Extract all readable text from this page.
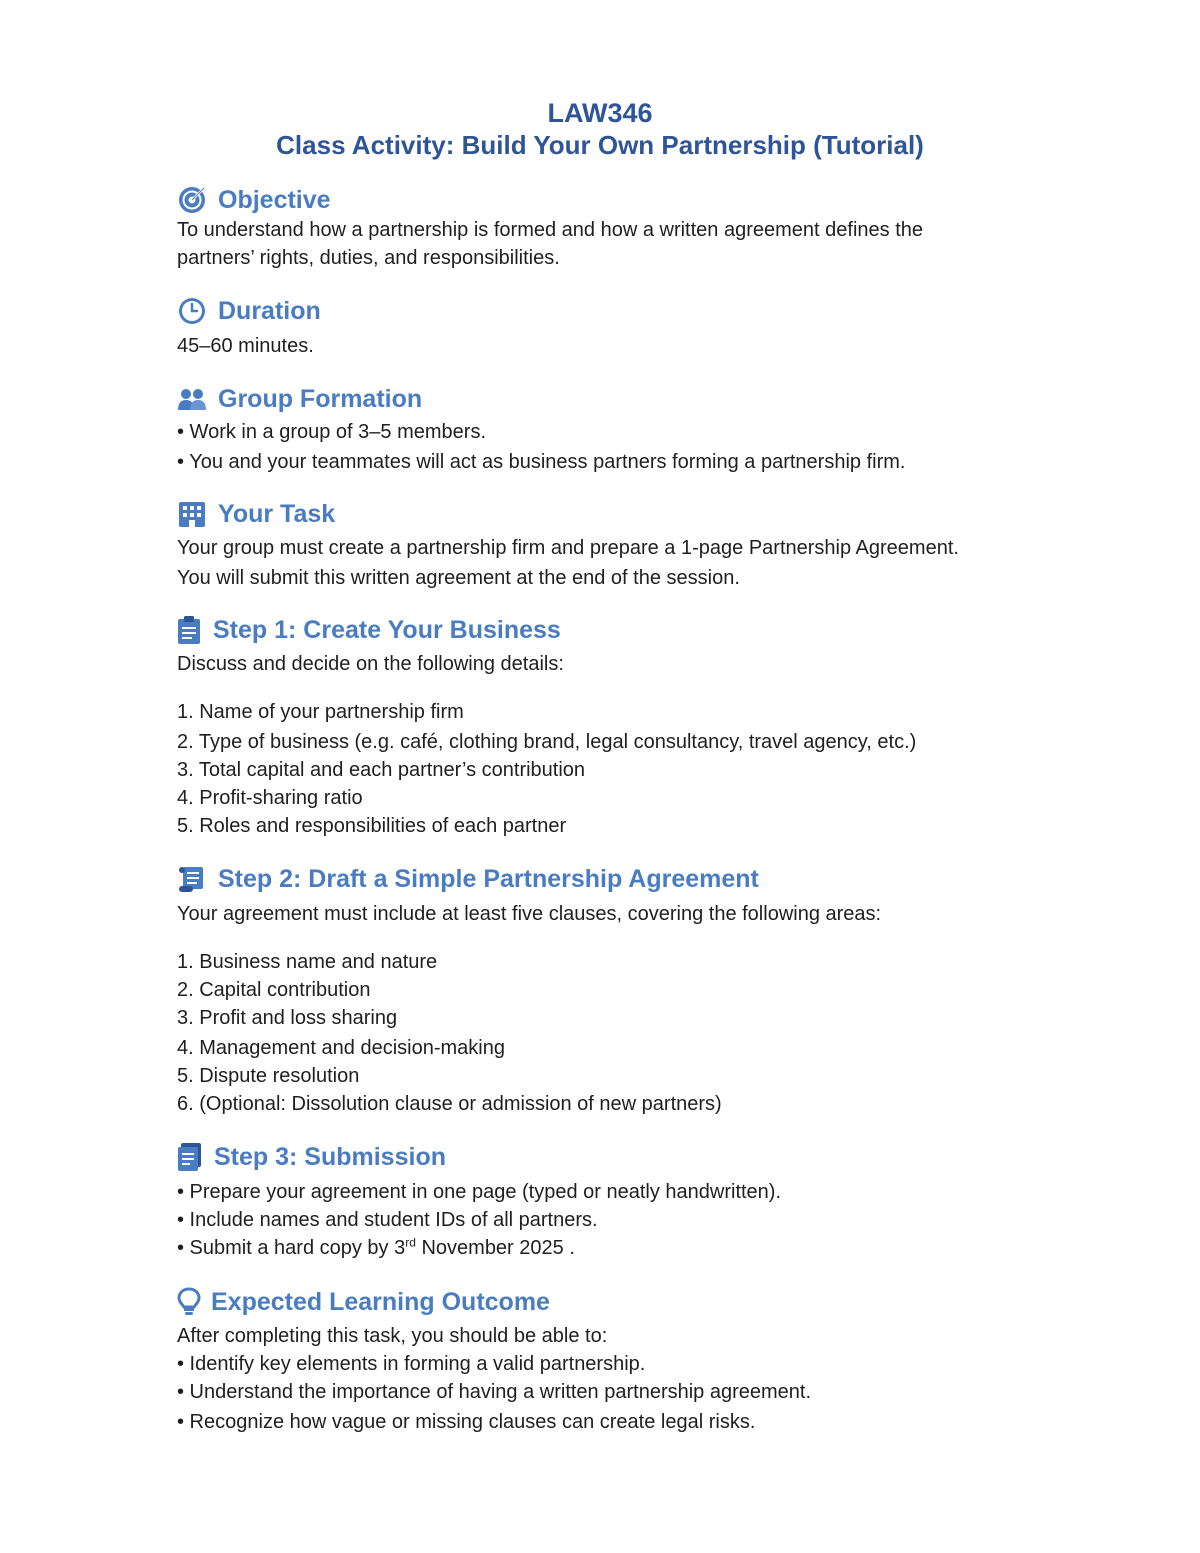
LAW346
Class Activity: Build Your Own Partnership (Tutorial)
Objective
To understand how a partnership is formed and how a written agreement defines the
partners’ rights, duties, and responsibilities.
Duration
45–60 minutes.
Group Formation
• Work in a group of 3–5 members.
• You and your teammates will act as business partners forming a partnership firm.
Your Task
Your group must create a partnership firm and prepare a 1-page Partnership Agreement.
You will submit this written agreement at the end of the session.
Step 1: Create Your Business
Discuss and decide on the following details:
1. Name of your partnership firm
2. Type of business (e.g. café, clothing brand, legal consultancy, travel agency, etc.)
3. Total capital and each partner’s contribution
4. Profit-sharing ratio
5. Roles and responsibilities of each partner
Step 2: Draft a Simple Partnership Agreement
Your agreement must include at least five clauses, covering the following areas:
1. Business name and nature
2. Capital contribution
3. Profit and loss sharing
4. Management and decision-making
5. Dispute resolution
6. (Optional: Dissolution clause or admission of new partners)
Step 3: Submission
• Prepare your agreement in one page (typed or neatly handwritten).
• Include names and student IDs of all partners.
• Submit a hard copy by 3rd November 2025 .
Expected Learning Outcome
After completing this task, you should be able to:
• Identify key elements in forming a valid partnership.
• Understand the importance of having a written partnership agreement.
• Recognize how vague or missing clauses can create legal risks.
